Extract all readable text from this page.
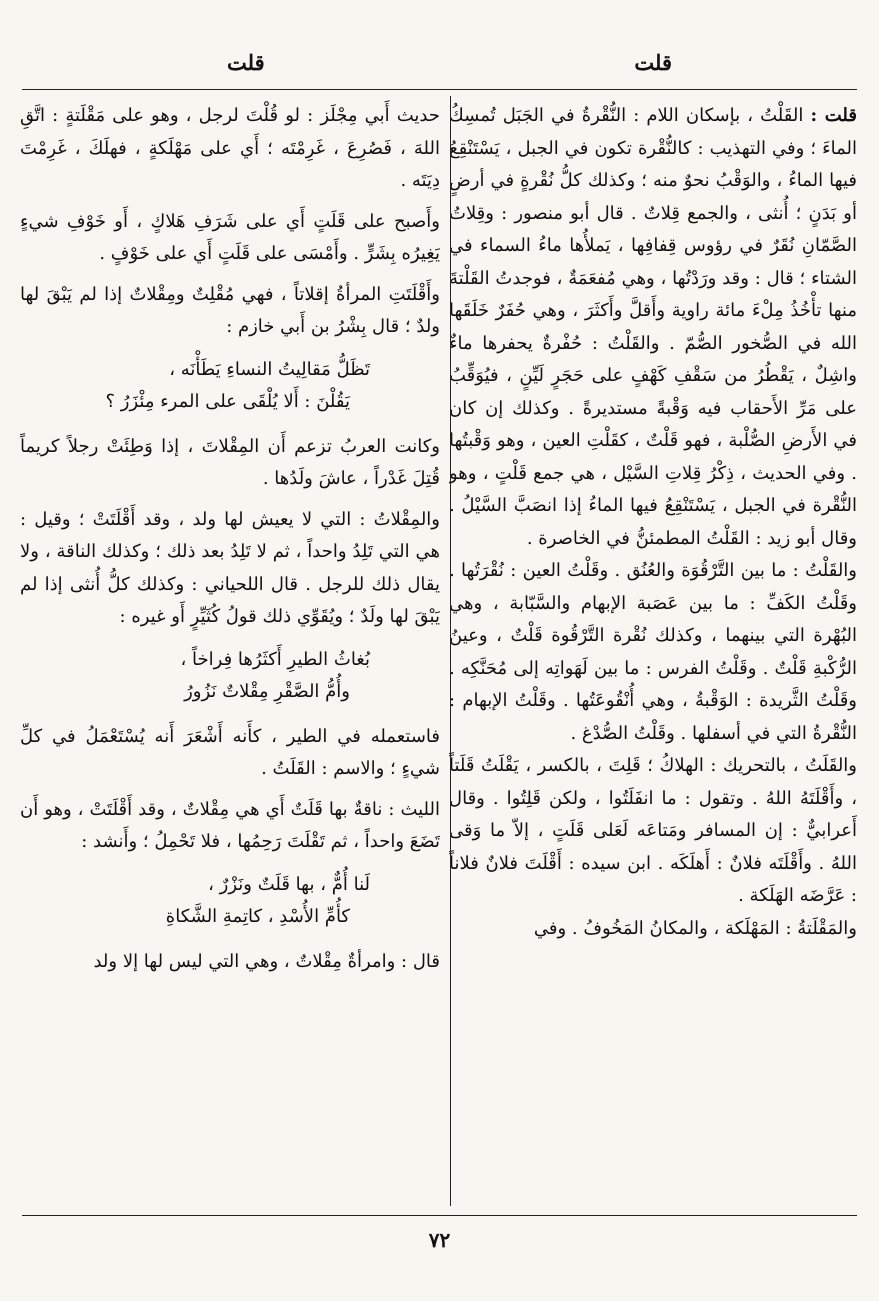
قلت
قلت

قلت : القَلْتُ ، بإسكان اللام : النُّقْرةُ في الجَبَل تُمسِكُ الماءَ ؛ وفي التهذيب : كالنُّقْرة تكون في الجبل ، يَسْتَنْقِعُ فيها الماءُ ، والوَقْبُ نحوٌ منه ؛ وكذلك كلُّ نُقْرةٍ في أرضٍ أو بَدَنٍ ؛ أُنثى ، والجمع قِلاتٌ . قال أبو منصور : وقِلاتُ الصَّمّانِ نُقَرٌ في رؤوس قِفافِها ، يَملأُها ماءُ السماء في الشتاء ؛ قال : وقد ورَدْتُها ، وهي مُفعَمَةٌ ، فوجدتُ القَلْتةَ منها تأْخُذُ مِلْءَ مائة راوية وأَقلَّ وأَكثَرَ ، وهي حُفَرٌ خَلَقَها الله في الصُّخور الصُّمّ . والقَلْتُ : حُفْرةٌ يحفرها ماءٌ واشِلٌ ، يَقْطُرُ من سَقْفِ كَهْفٍ على حَجَرٍ لَيِّنٍ ، فيُوَقِّبُ على مَرِّ الأَحقاب فيه وَقْبةً مستديرةً . وكذلك إن كان في الأَرضِ الصُّلْبة ، فهو قَلْتٌ ، كقَلْتِ العين ، وهو وَقْبتُها . وفي الحديث ، ذِكْرُ قِلاتِ السَّيْل ، هي جمع قَلْتٍ ، وهو النُّقْرة في الجبل ، يَسْتَنْقِعُ فيها الماءُ إذا انصَبَّ السَّيْلُ . وقال أبو زيد : القَلْتُ المطمئنُّ في الخاصرة .

والقَلْتُ : ما بين التَّرْقُوَة والعُنُق . وقَلْتُ العين : نُقْرَتُها . وقَلْتُ الكَفِّ : ما بين عَصَبة الإبهام والسَّبّابة ، وهي البُهْرة التي بينهما ، وكذلك نُقْرة التَّرْقُوة قَلْتٌ ، وعينُ الرُّكْبةِ قَلْتٌ . وقَلْتُ الفرس : ما بين لَهَواتِه إلى مُحَنَّكِه . وقَلْتُ الثَّريدة : الوَقْبةُ ، وهي أُنْقُوعَتُها . وقَلْتُ الإبهام : النُّقْرةُ التي في أسفلها . وقَلْتُ الصُّدْغ .

والقَلَتُ ، بالتحريك : الهلاكُ ؛ قَلِتَ ، بالكسر ، يَقْلَتُ قَلَتاً ، وأَقْلَتَهُ اللهُ . وتقول : ما انفَلَتُوا ، ولكن قَلِتُوا . وقال أَعرابيٌّ : إن المسافر ومَتاعَه لَعَلى قَلَتٍ ، إلاّ ما وَقى اللهُ . وأَقْلَتَه فلانٌ : أَهلَكَه . ابن سيده : أَقْلَتَ فلانٌ فلاناً : عَرَّضَه الهَلَكة .

والمَقْلَتةُ : المَهْلَكة ، والمكانُ المَخُوفُ . وفي

حديث أَبي مِجْلَز : لو قُلْتَ لرجل ، وهو على مَقْلَتةٍ : اتَّقِ اللهَ ، فَصُرِعَ ، غَرِمْتَه ؛ أَي على مَهْلَكةٍ ، فهلَكَ ، غَرِمْتَ دِيَتَه .

وأَصبح على قَلَتٍ أَي على شَرَفِ هَلاكٍ ، أَو خَوْفِ شيءٍ يَغِيرُه بِشَرٍّ . وأَمْسَى على قَلَتٍ أَي على خَوْفٍ .

وأَقْلَتَتِ المرأةُ إقلاتاً ، فهي مُقْلِتٌ ومِقْلاتٌ إذا لم يَبْقَ لها ولدٌ ؛ قال بِشْرُ بن أَبي خازم :

تَظَلُّ مَقالِيتُ النساءِ يَطَأْنَه ،
يَقُلْنَ : أَلا يُلْقَى على المرء مِئْزَرُ ؟

وكانت العربُ تزعم أَن المِقْلاتَ ، إذا وَطِئَتْ رجلاً كريماً قُتِلَ غَدْراً ، عاشَ ولَدُها .

والمِقْلاتُ : التي لا يعيش لها ولد ، وقد أَقْلَتَتْ ؛ وقيل : هي التي تَلِدُ واحداً ، ثم لا تَلِدُ بعد ذلك ؛ وكذلك الناقة ، ولا يقال ذلك للرجل . قال اللحياني : وكذلك كلُّ أُنثى إذا لم يَبْقَ لها ولَدٌ ؛ ويُقَوِّي ذلك قولُ كُثَيِّرٍ أَو غيره :

بُغاثُ الطيرِ أَكثَرُها فِراخاً ،
وأُمُّ الصَّقْرِ مِقْلاتٌ نَزُورُ

فاستعمله في الطير ، كأَنه أَشْعَرَ أَنه يُسْتَعْمَلُ في كلِّ شيءٍ ؛ والاسم : القَلَتُ .

الليث : ناقةٌ بها قَلَتٌ أَي هي مِقْلاتٌ ، وقد أَقْلَتَتْ ، وهو أَن تَضَعَ واحداً ، ثم تَقْلَتَ رَحِمُها ، فلا تَحْمِلُ ؛ وأَنشد :

لَنا أُمٌّ ، بها قَلَتٌ ونَزْرٌ ،
كأُمِّ الأُسْدِ ، كاتِمةِ الشَّكاةِ

قال : وامرأةٌ مِقْلاتٌ ، وهي التي ليس لها إلا ولد

٧٢
